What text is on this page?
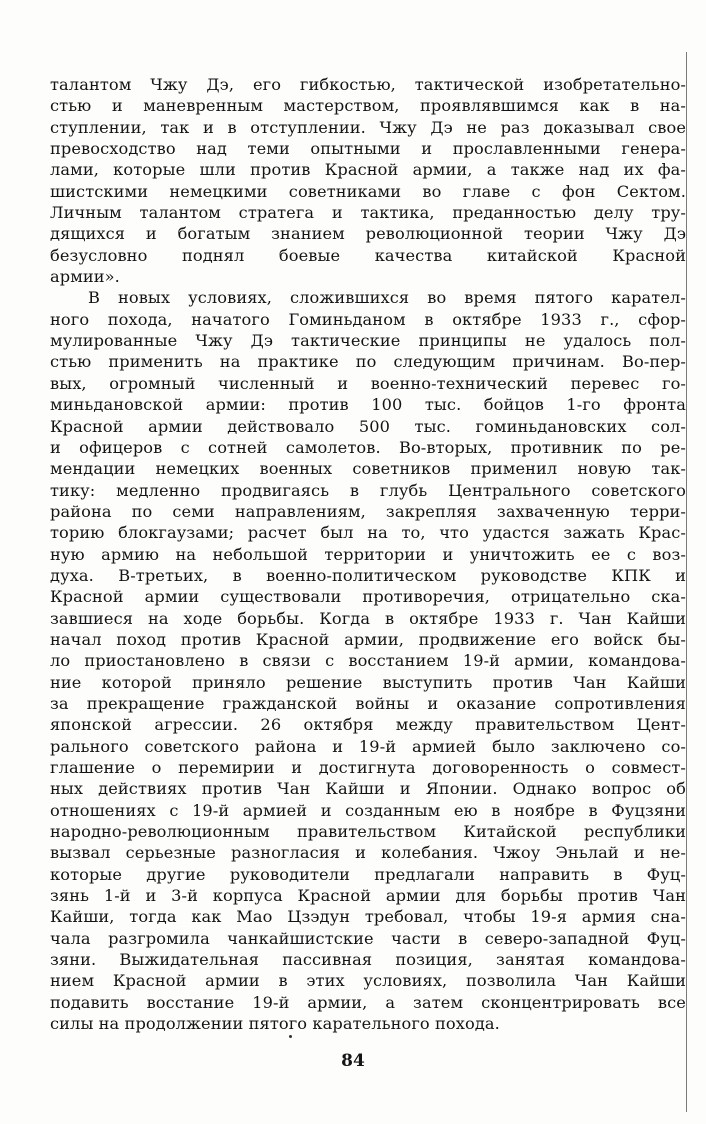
талантом Чжу Дэ, его гибкостью, тактической изобретательно-
стью и маневренным мастерством, проявлявшимся как в на-
ступлении, так и в отступлении. Чжу Дэ не раз доказывал свое
превосходство над теми опытными и прославленными генера-
лами, которые шли против Красной армии, а также над их фа-
шистскими немецкими советниками во главе с фон Сектом.
Личным талантом стратега и тактика, преданностью делу тру-
дящихся и богатым знанием революционной теории Чжу Дэ
безусловно поднял боевые качества китайской Красной
армии».
В новых условиях, сложившихся во время пятого карател-
ного похода, начатого Гоминьданом в октябре 1933 г., сфор-
мулированные Чжу Дэ тактические принципы не удалось пол-
стью применить на практике по следующим причинам. Во-пер-
вых, огромный численный и военно-технический перевес го-
миньдановской армии: против 100 тыс. бойцов 1-го фронта
Красной армии действовало 500 тыс. гоминьдановских сол-
и офицеров с сотней самолетов. Во-вторых, противник по ре-
мендации немецких военных советников применил новую так-
тику: медленно продвигаясь в глубь Центрального советского
района по семи направлениям, закрепляя захваченную терри-
торию блокгаузами; расчет был на то, что удастся зажать Крас-
ную армию на небольшой территории и уничтожить ее с воз-
духа. В-третьих, в военно-политическом руководстве КПК и
Красной армии существовали противоречия, отрицательно ска-
завшиеся на ходе борьбы. Когда в октябре 1933 г. Чан Кайши
начал поход против Красной армии, продвижение его войск бы-
ло приостановлено в связи с восстанием 19-й армии, командова-
ние которой приняло решение выступить против Чан Кайши
за прекращение гражданской войны и оказание сопротивления
японской агрессии. 26 октября между правительством Цент-
рального советского района и 19-й армией было заключено со-
глашение о перемирии и достигнута договоренность о совмест-
ных действиях против Чан Кайши и Японии. Однако вопрос об
отношениях с 19-й армией и созданным ею в ноябре в Фуцзяни
народно-революционным правительством Китайской республики
вызвал серьезные разногласия и колебания. Чжоу Эньлай и не-
которые другие руководители предлагали направить в Фуц-
зянь 1-й и 3-й корпуса Красной армии для борьбы против Чан
Кайши, тогда как Мао Цзэдун требовал, чтобы 19-я армия сна-
чала разгромила чанкайшистские части в северо-западной Фуц-
зяни. Выжидательная пассивная позиция, занятая командова-
нием Красной армии в этих условиях, позволила Чан Кайши
подавить восстание 19-й армии, а затем сконцентрировать все
силы на продолжении пятого карательного похода.
84
